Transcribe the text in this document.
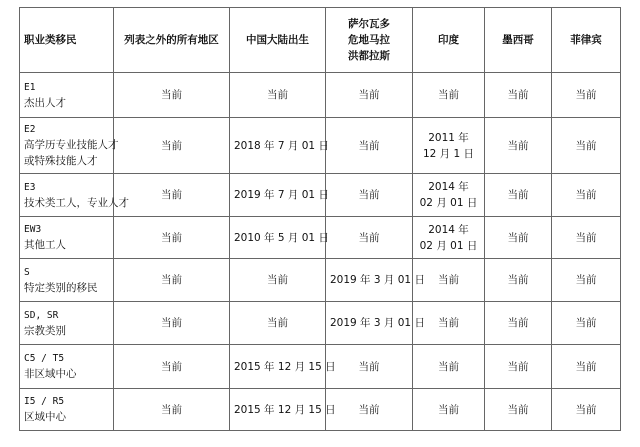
职业类移民	列表之外的所有地区	中国大陆出生	萨尔瓦多
危地马拉
洪都拉斯	印度	墨西哥	菲律宾

E1
杰出人才	当前	当前	当前	当前	当前	当前

E2
高学历专业技能人才
或特殊技能人才	当前	2018 年 7 月 01 日	当前	2011 年
12 月 1 日	当前	当前

E3
技术类工人，专业人才	当前	2019 年 7 月 01 日	当前	2014 年
02 月 01 日	当前	当前

EW3
其他工人	当前	2010 年 5 月 01 日	当前	2014 年
02 月 01 日	当前	当前

S
特定类别的移民	当前	当前	2019 年 3 月 01 日	当前	当前	当前

SD, SR
宗教类别	当前	当前	2019 年 3 月 01 日	当前	当前	当前

C5 / T5
非区域中心	当前	2015 年 12 月 15 日	当前	当前	当前	当前

I5 / R5
区域中心	当前	2015 年 12 月 15 日	当前	当前	当前	当前
